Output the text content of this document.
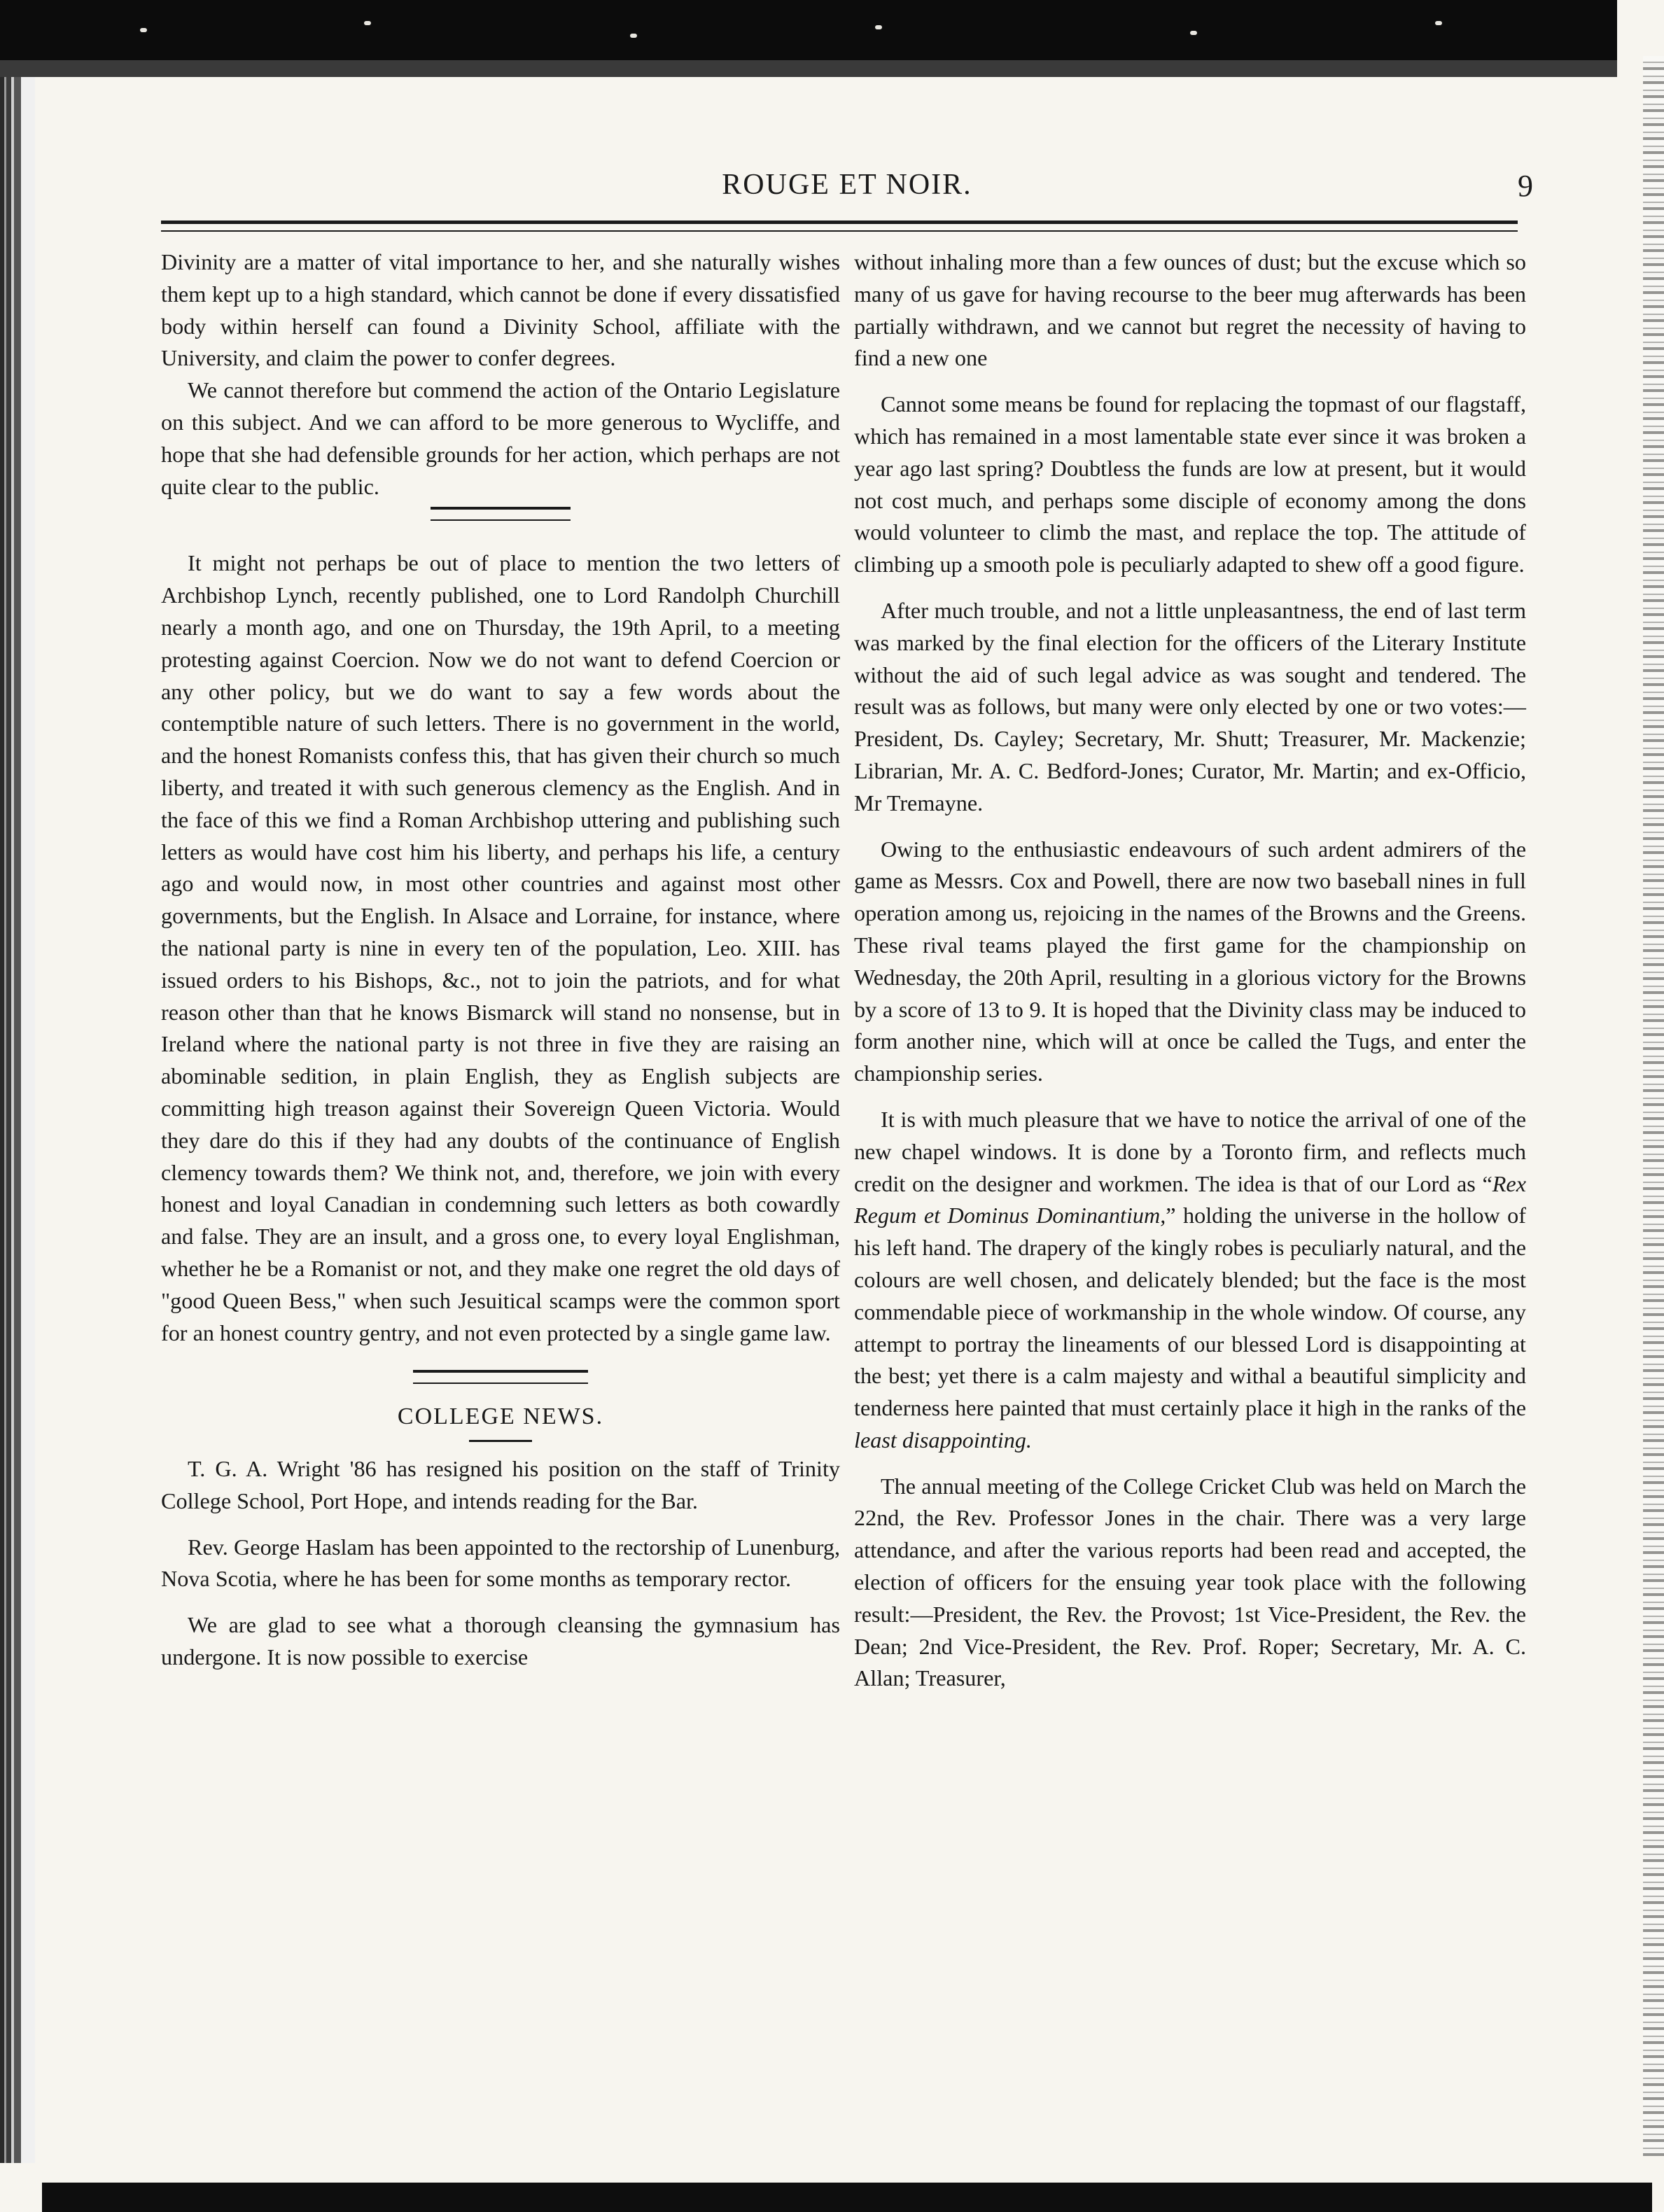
ROUGE ET NOIR.	9

Divinity are a matter of vital importance to her, and she naturally wishes them kept up to a high standard, which cannot be done if every dissatisfied body within herself can found a Divinity School, affiliate with the University, and claim the power to confer degrees.

We cannot therefore but commend the action of the Ontario Legislature on this subject. And we can afford to be more generous to Wycliffe, and hope that she had defensible grounds for her action, which perhaps are not quite clear to the public.

It might not perhaps be out of place to mention the two letters of Archbishop Lynch, recently published, one to Lord Randolph Churchill nearly a month ago, and one on Thursday, the 19th April, to a meeting protesting against Coercion. Now we do not want to defend Coercion or any other policy, but we do want to say a few words about the contemptible nature of such letters. There is no government in the world, and the honest Romanists confess this, that has given their church so much liberty, and treated it with such generous clemency as the English. And in the face of this we find a Roman Archbishop uttering and publishing such letters as would have cost him his liberty, and perhaps his life, a century ago and would now, in most other countries and against most other governments, but the English. In Alsace and Lorraine, for instance, where the national party is nine in every ten of the population, Leo. XIII. has issued orders to his Bishops, &c., not to join the patriots, and for what reason other than that he knows Bismarck will stand no nonsense, but in Ireland where the national party is not three in five they are raising an abominable sedition, in plain English, they as English subjects are committing high treason against their Sovereign Queen Victoria. Would they dare do this if they had any doubts of the continuance of English clemency towards them? We think not, and, therefore, we join with every honest and loyal Canadian in condemning such letters as both cowardly and false. They are an insult, and a gross one, to every loyal Englishman, whether he be a Romanist or not, and they make one regret the old days of "good Queen Bess," when such Jesuitical scamps were the common sport for an honest country gentry, and not even protected by a single game law.

COLLEGE NEWS.

T. G. A. Wright '86 has resigned his position on the staff of Trinity College School, Port Hope, and intends reading for the Bar.

Rev. George Haslam has been appointed to the rectorship of Lunenburg, Nova Scotia, where he has been for some months as temporary rector.

We are glad to see what a thorough cleansing the gymnasium has undergone. It is now possible to exercise

without inhaling more than a few ounces of dust; but the excuse which so many of us gave for having recourse to the beer mug afterwards has been partially withdrawn, and we cannot but regret the necessity of having to find a new one

Cannot some means be found for replacing the topmast of our flagstaff, which has remained in a most lamentable state ever since it was broken a year ago last spring? Doubtless the funds are low at present, but it would not cost much, and perhaps some disciple of economy among the dons would volunteer to climb the mast, and replace the top. The attitude of climbing up a smooth pole is peculiarly adapted to shew off a good figure.

After much trouble, and not a little unpleasantness, the end of last term was marked by the final election for the officers of the Literary Institute without the aid of such legal advice as was sought and tendered. The result was as follows, but many were only elected by one or two votes:—President, Ds. Cayley; Secretary, Mr. Shutt; Treasurer, Mr. Mackenzie; Librarian, Mr. A. C. Bedford-Jones; Curator, Mr. Martin; and ex-Officio, Mr Tremayne.

Owing to the enthusiastic endeavours of such ardent admirers of the game as Messrs. Cox and Powell, there are now two baseball nines in full operation among us, rejoicing in the names of the Browns and the Greens. These rival teams played the first game for the championship on Wednesday, the 20th April, resulting in a glorious victory for the Browns by a score of 13 to 9. It is hoped that the Divinity class may be induced to form another nine, which will at once be called the Tugs, and enter the championship series.

It is with much pleasure that we have to notice the arrival of one of the new chapel windows. It is done by a Toronto firm, and reflects much credit on the designer and workmen. The idea is that of our Lord as “Rex Regum et Dominus Dominantium,” holding the universe in the hollow of his left hand. The drapery of the kingly robes is peculiarly natural, and the colours are well chosen, and delicately blended; but the face is the most commendable piece of workmanship in the whole window. Of course, any attempt to portray the lineaments of our blessed Lord is disappointing at the best; yet there is a calm majesty and withal a beautiful simplicity and tenderness here painted that must certainly place it high in the ranks of the least disappointing.

The annual meeting of the College Cricket Club was held on March the 22nd, the Rev. Professor Jones in the chair. There was a very large attendance, and after the various reports had been read and accepted, the election of officers for the ensuing year took place with the following result:—President, the Rev. the Provost; 1st Vice-President, the Rev. the Dean; 2nd Vice-President, the Rev. Prof. Roper; Secretary, Mr. A. C. Allan; Treasurer,
